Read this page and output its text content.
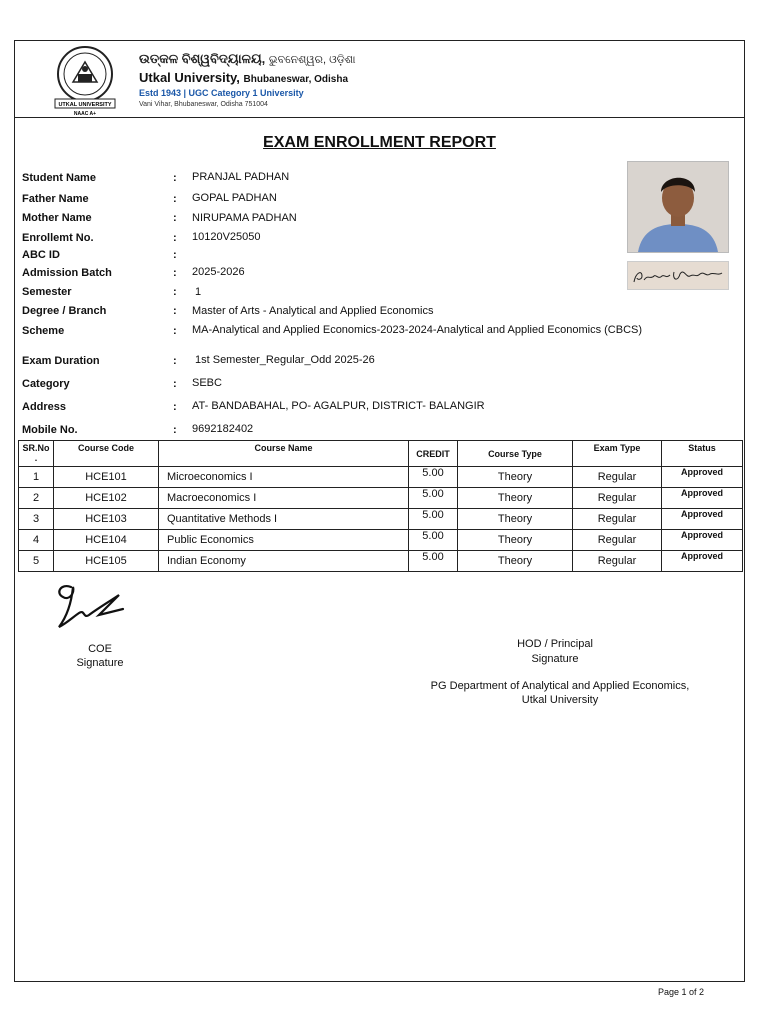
UTKAL UNIVERSITY
NAAC A+
ଉତ୍କଳ ବିଶ୍ୱବିଦ୍ୟାଳୟ, ଭୁବନେଶ୍ୱର, ଓଡ଼ିଶା
Utkal University, Bhubaneswar, Odisha
Estd 1943 | UGC Category 1 University
Vani Vihar, Bhubaneswar, Odisha 751004
EXAM ENROLLMENT REPORT
Student Name	: PRANJAL PADHAN
Father Name	: GOPAL PADHAN
Mother Name	: NIRUPAMA PADHAN
Enrollemt No.	: 10120V25050
ABC ID	:
Admission Batch	: 2025-2026
Semester	: 1
Degree / Branch	: Master of Arts - Analytical and Applied Economics
Scheme	: MA-Analytical and Applied Economics-2023-2024-Analytical and Applied Economics (CBCS)
Exam Duration	: 1st Semester_Regular_Odd 2025-26
Category	: SEBC
Address	: AT- BANDABAHAL, PO- AGALPUR, DISTRICT- BALANGIR
Mobile No.	: 9692182402
SR.No .	Course Code	Course Name	CREDIT	Course Type	Exam Type	Status
1	HCE101	Microeconomics I	5.00	Theory	Regular	Approved
2	HCE102	Macroeconomics I	5.00	Theory	Regular	Approved
3	HCE103	Quantitative Methods I	5.00	Theory	Regular	Approved
4	HCE104	Public Economics	5.00	Theory	Regular	Approved
5	HCE105	Indian Economy	5.00	Theory	Regular	Approved
COE
Signature
HOD / Principal
Signature
PG Department of Analytical and Applied Economics,
Utkal University
Page 1 of 2
